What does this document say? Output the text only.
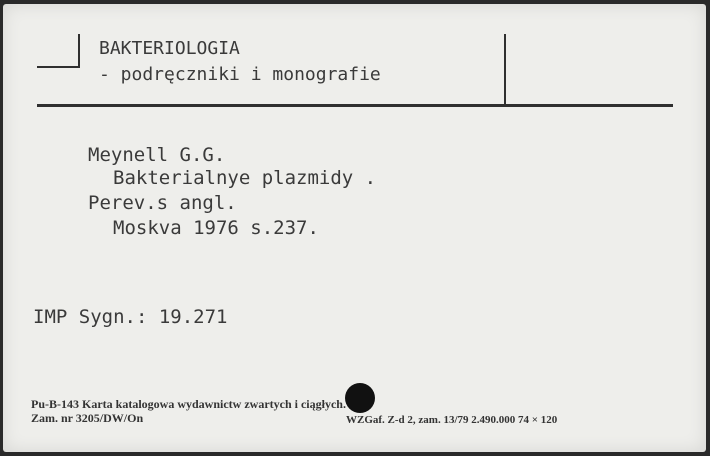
BAKTERIOLOGIA
- podręczniki i monografie
Meynell G.G.
Bakterialnye plazmidy .
Perev.s angl.
Moskva 1976 s.237.
IMP Sygn.: 19.271
Pu-B-143 Karta katalogowa wydawnictw zwartych i ciągłych.
Zam. nr 3205/DW/On	WZGaf. Z-d 2, zam. 13/79 2.490.000 74 × 120
